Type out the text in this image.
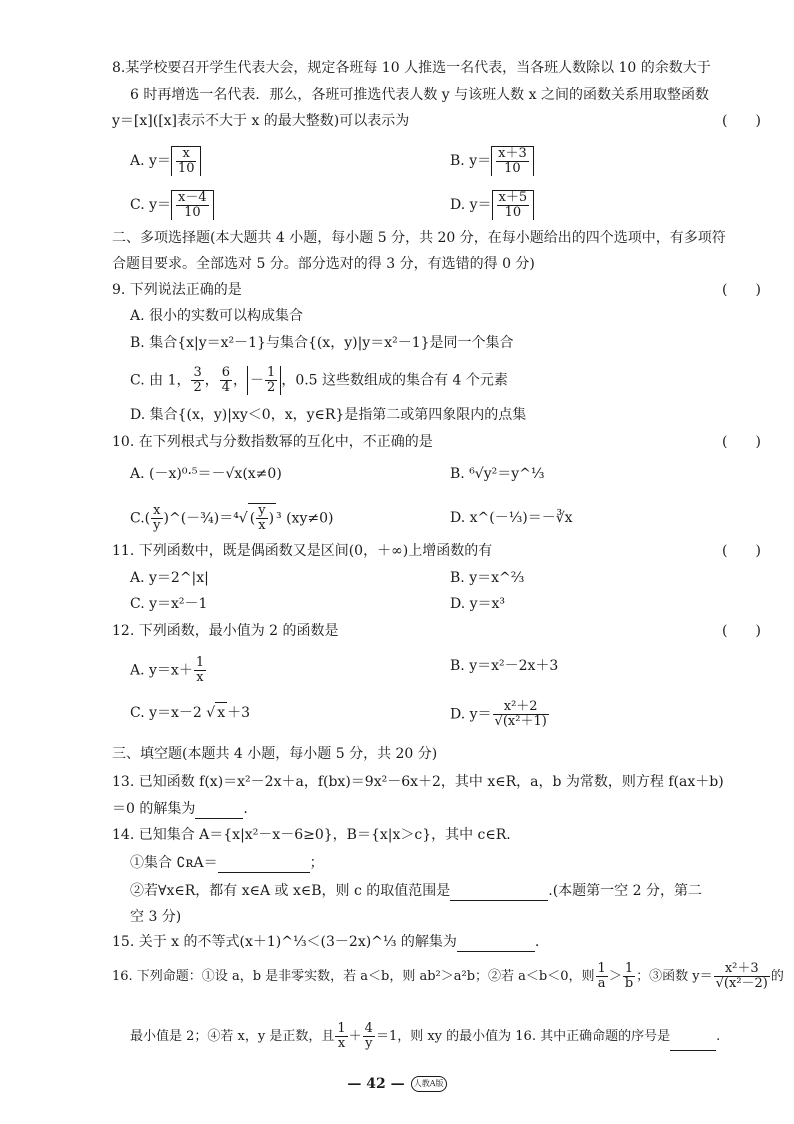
8.某学校要召开学生代表大会，规定各班每 10 人推选一名代表，当各班人数除以 10 的余数大于
6 时再增选一名代表．那么，各班可推选代表人数 y 与该班人数 x 之间的函数关系用取整函数
y＝[x]([x]表示不大于 x 的最大整数)可以表示为	(　　)
A. $y= \frac{x}{10}$	B. $y= \frac{x+3}{10}$
C. $y= \frac{x-4}{10}$	D. $y= \frac{x+5}{10}$
二、多项选择题(本大题共 4 小题，每小题 5 分，共 20 分，在每小题给出的四个选项中，有多项符
合题目要求。全部选对 5 分。部分选对的得 3 分，有选错的得 0 分)
9. 下列说法正确的是	(　　)
A. 很小的实数可以构成集合
B. 集合{x|y＝x²－1}与集合{(x，y)|y＝x²－1}是同一个集合
C. 由 1， $\frac{3}{2}$ ， $\frac{6}{4}$ ， － $\frac{1}{2}$ ，0.5 这些数组成的集合有 4 个元素
D. 集合{(x，y)|xy＜0，x，y∈R}是指第二或第四象限内的点集
10. 在下列根式与分数指数幂的互化中，不正确的是	(　　)
A. (－x)⁰·⁵＝－√x(x≠0)	B. ⁶√y²＝y^⅓
$C.( \frac{x}{y}$ )^(－¾)＝⁴√ ( $\frac{y}{x}$ ) ³ (xy≠0)	D. x^(－⅓)＝－∛x
11. 下列函数中，既是偶函数又是区间(0，＋∞)上增函数的有	(　　)
A. y＝2^|x|	B. y＝x^⅔
C. y＝x²－1	D. y＝x³
12. 下列函数，最小值为 2 的函数是	(　　)
A. $y=x+ \frac{1}{x}$	B. y＝x²－2x＋3
C. y＝x－2 √ x ＋3	D. $y= \frac{\text{x²＋2}}{\text{√(x²＋1)}}$
三、填空题(本题共 4 小题，每小题 5 分，共 20 分)
13. 已知函数 f(x)＝x²－2x＋a，f(bx)＝9x²－6x＋2，其中 x∈R，a，b 为常数，则方程 f(ax＋b)
＝0 的解集为	.
14. 已知集合 A＝{x|x²－x－6≥0}，B＝{x|x＞c}，其中 c∈R.
①集合 ∁ʀA＝	；
②若∀x∈R，都有 x∈A 或 x∈B，则 c 的取值范围是	.(本题第一空 2 分，第二
空 3 分)
15. 关于 x 的不等式(x＋1)^⅓＜(3－2x)^⅓ 的解集为	.
16. 下列命题：①设 a，b 是非零实数，若 a＜b，则 ab²＞a²b；②若 a＜b＜0，则 $\frac{1}{a} > \frac{1}{b}$ ；③函数 $y= \frac{\text{x²＋3}}{\text{√(x²－2)}}$ 的
最小值是 2；④若 x，y 是正数，且 $\frac{1}{x} + \frac{4}{y} =1$，则 xy 的最小值为 16. 其中正确命题的序号是	.
— 42 — 人教A版
